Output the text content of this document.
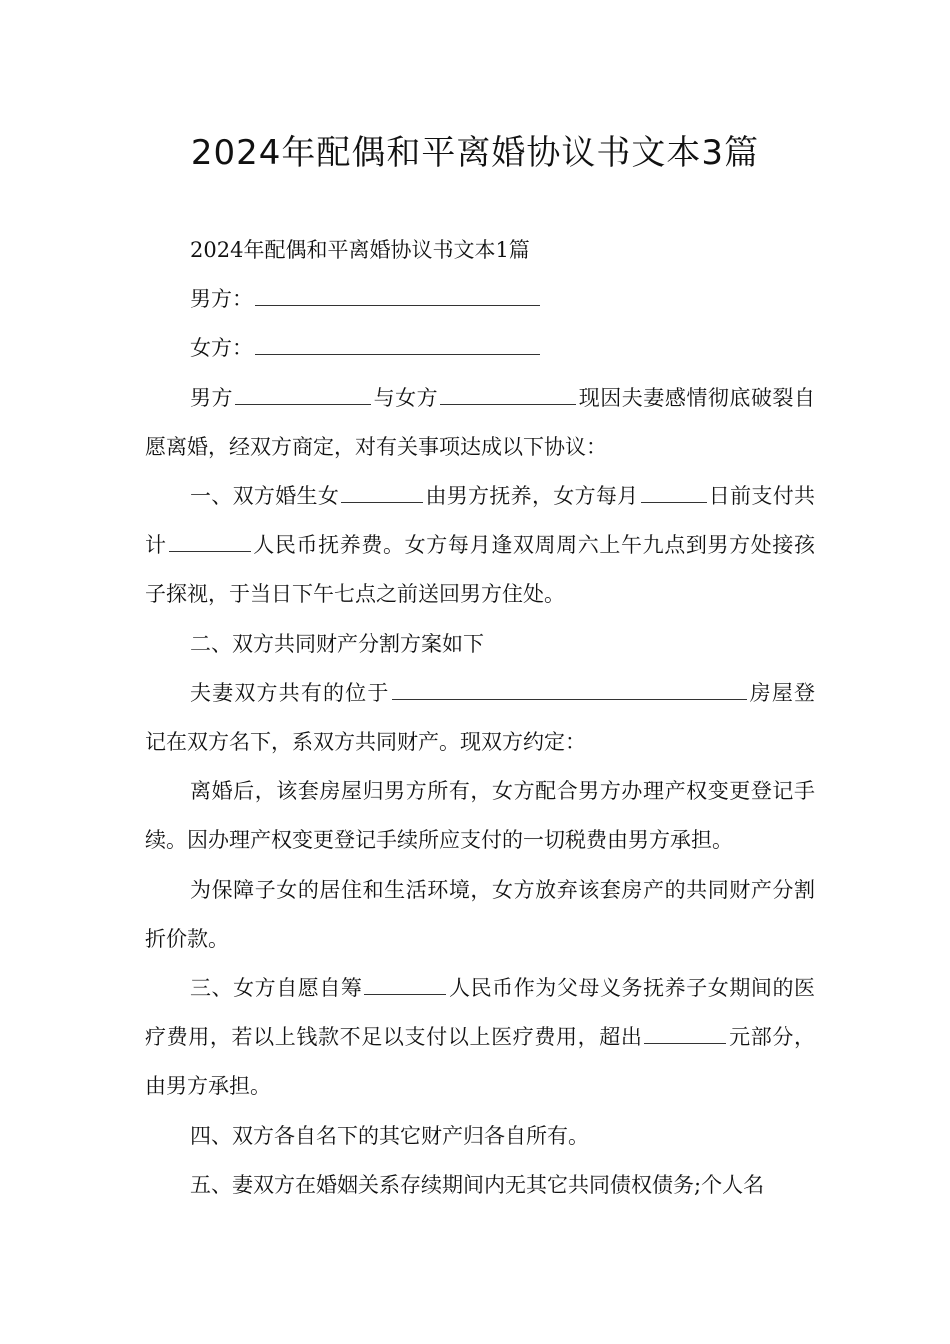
2024年配偶和平离婚协议书文本3篇

2024年配偶和平离婚协议书文本1篇

男方：

女方：

男方	与女方	现因夫妻感情彻底破裂自愿离婚，经双方商定，对有关事项达成以下协议：

一、双方婚生女	由男方抚养，女方每月	日前支付共计	人民币抚养费。女方每月逢双周周六上午九点到男方处接孩子探视，于当日下午七点之前送回男方住处。

二、双方共同财产分割方案如下

夫妻双方共有的位于	房屋登记在双方名下，系双方共同财产。现双方约定：

离婚后，该套房屋归男方所有，女方配合男方办理产权变更登记手续。因办理产权变更登记手续所应支付的一切税费由男方承担。

为保障子女的居住和生活环境，女方放弃该套房产的共同财产分割折价款。

三、女方自愿自筹	人民币作为父母义务抚养子女期间的医疗费用，若以上钱款不足以支付以上医疗费用，超出	元部分，由男方承担。

四、双方各自名下的其它财产归各自所有。

五、妻双方在婚姻关系存续期间内无其它共同债权债务;个人名
